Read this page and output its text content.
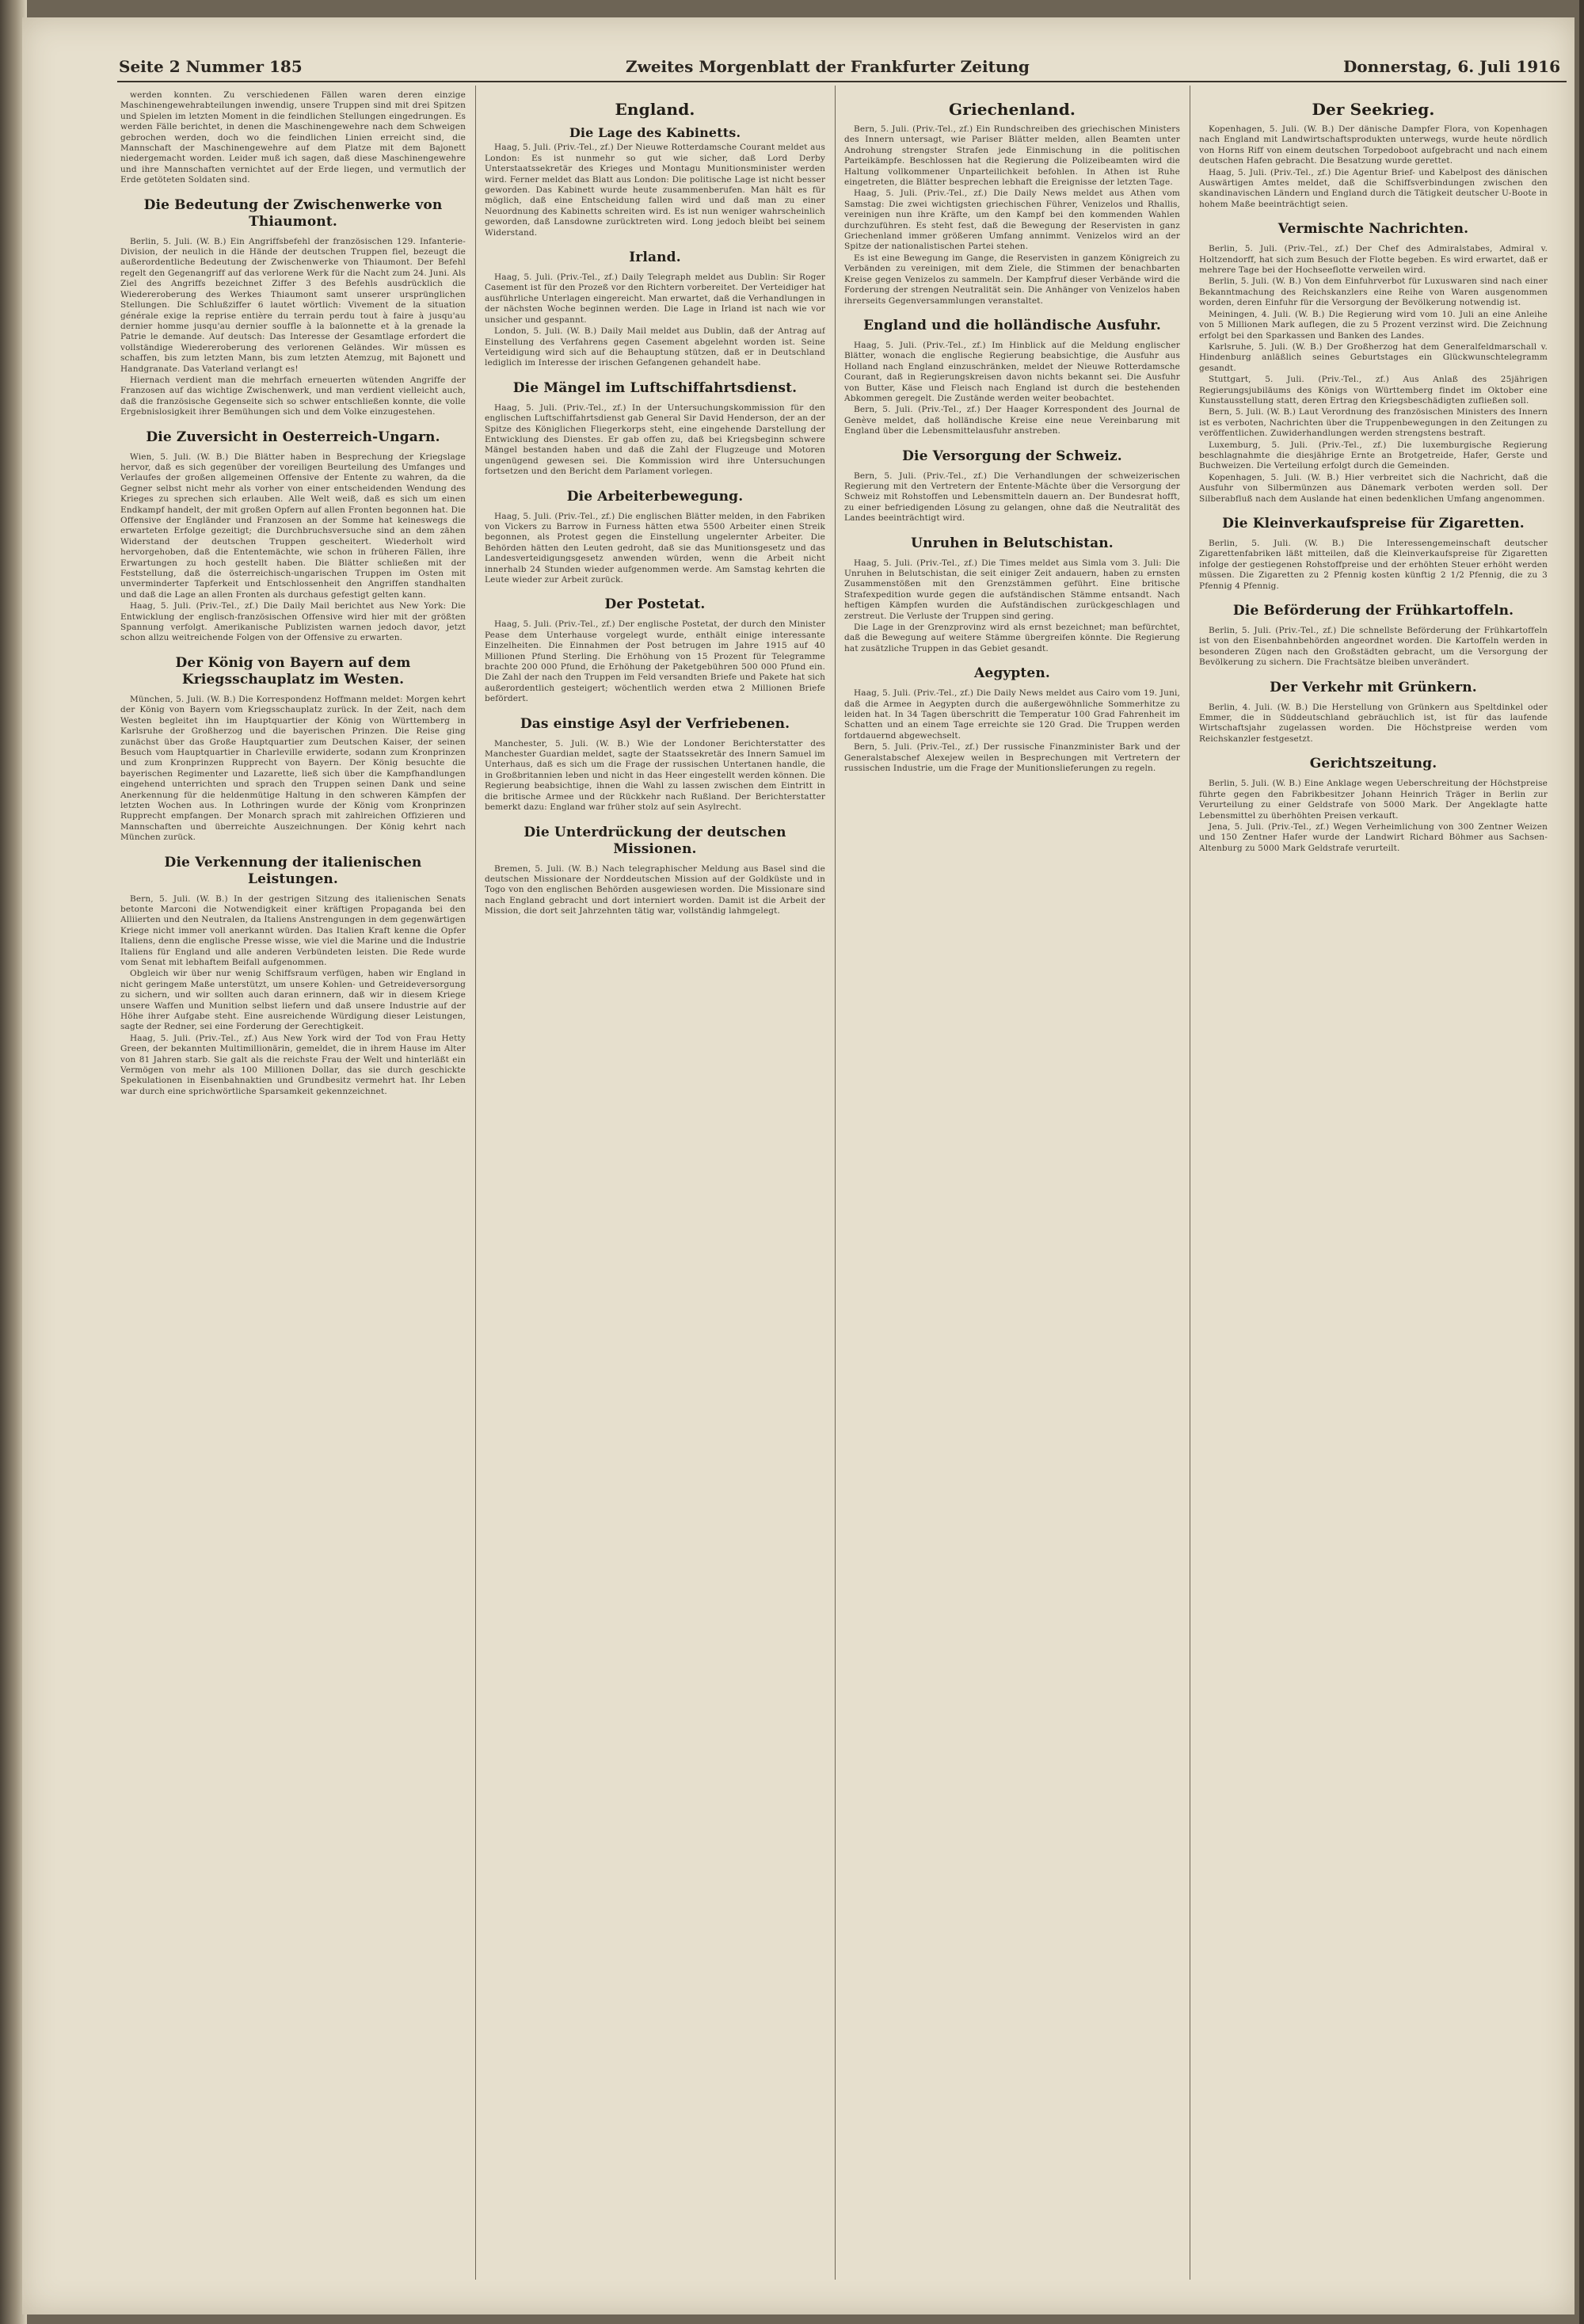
Seite 2 Nummer 185	Zweites Morgenblatt der Frankfurter Zeitung	Donnerstag, 6. Juli 1916

werden konnten. Zu verschiedenen Fällen waren deren einzige Maschinengewehrabteilungen inwendig, unsere Truppen sind mit drei Spitzen und Spielen im letzten Moment in die feindlichen Stellungen eingedrungen. Es werden Fälle berichtet, in denen die Maschinengewehre nach dem Schweigen gebrochen werden, doch wo die feindlichen Linien erreicht sind, die Mannschaft der Maschinengewehre auf dem Platze mit dem Bajonett niedergemacht worden. Leider muß ich sagen, daß diese Maschinengewehre und ihre Mannschaften vernichtet auf der Erde liegen, und vermutlich der Erde getöteten Soldaten sind.

Die Bedeutung der Zwischenwerke von Thiaumont.

Berlin, 5. Juli. (W. B.) Ein Angriffsbefehl der französischen 129. Infanterie-Division, der neulich in die Hände der deutschen Truppen fiel, bezeugt die außerordentliche Bedeutung der Zwischenwerke von Thiaumont. Der Befehl regelt den Gegenangriff auf das verlorene Werk für die Nacht zum 24. Juni. Als Ziel des Angriffs bezeichnet Ziffer 3 des Befehls ausdrücklich die Wiedereroberung des Werkes Thiaumont samt unserer ursprünglichen Stellungen. Die Schlußziffer 6 lautet wörtlich: Vivement de la situation générale exige la reprise entière du terrain perdu tout à faire à jusqu'au dernier homme jusqu'au dernier souffle à la baïonnette et à la grenade la Patrie le demande. Auf deutsch: Das Interesse der Gesamtlage erfordert die vollständige Wiedereroberung des verlorenen Geländes. Wir müssen es schaffen, bis zum letzten Mann, bis zum letzten Atemzug, mit Bajonett und Handgranate. Das Vaterland verlangt es!

Hiernach verdient man die mehrfach erneuerten wütenden Angriffe der Franzosen auf das wichtige Zwischenwerk, und man verdient vielleicht auch, daß die französische Gegenseite sich so schwer entschließen konnte, die volle Ergebnislosigkeit ihrer Bemühungen sich und dem Volke einzugestehen.

Die Zuversicht in Oesterreich-Ungarn.

Wien, 5. Juli. (W. B.) Die Blätter haben in Besprechung der Kriegslage hervor, daß es sich gegenüber der voreiligen Beurteilung des Umfanges und Verlaufes der großen allgemeinen Offensive der Entente zu wahren, da die Gegner selbst nicht mehr als vorher von einer entscheidenden Wendung des Krieges zu sprechen sich erlauben. Alle Welt weiß, daß es sich um einen Endkampf handelt, der mit großen Opfern auf allen Fronten begonnen hat. Die Offensive der Engländer und Franzosen an der Somme hat keineswegs die erwarteten Erfolge gezeitigt; die Durchbruchsversuche sind an dem zähen Widerstand der deutschen Truppen gescheitert. Wiederholt wird hervorgehoben, daß die Ententemächte, wie schon in früheren Fällen, ihre Erwartungen zu hoch gestellt haben. Die Blätter schließen mit der Feststellung, daß die österreichisch-ungarischen Truppen im Osten mit unverminderter Tapferkeit und Entschlossenheit den Angriffen standhalten und daß die Lage an allen Fronten als durchaus gefestigt gelten kann.

Haag, 5. Juli. (Priv.-Tel., zf.) Die Daily Mail berichtet aus New York: Die Entwicklung der englisch-französischen Offensive wird hier mit der größten Spannung verfolgt. Amerikanische Publizisten warnen jedoch davor, jetzt schon allzu weitreichende Folgen von der Offensive zu erwarten.

Der König von Bayern auf dem Kriegsschauplatz im Westen.

München, 5. Juli. (W. B.) Die Korrespondenz Hoffmann meldet: Morgen kehrt der König von Bayern vom Kriegsschauplatz zurück. In der Zeit, nach dem Westen begleitet ihn im Hauptquartier der König von Württemberg in Karlsruhe der Großherzog und die bayerischen Prinzen. Die Reise ging zunächst über das Große Hauptquartier zum Deutschen Kaiser, der seinen Besuch vom Hauptquartier in Charleville erwiderte, sodann zum Kronprinzen und zum Kronprinzen Rupprecht von Bayern. Der König besuchte die bayerischen Regimenter und Lazarette, ließ sich über die Kampfhandlungen eingehend unterrichten und sprach den Truppen seinen Dank und seine Anerkennung für die heldenmütige Haltung in den schweren Kämpfen der letzten Wochen aus. In Lothringen wurde der König vom Kronprinzen Rupprecht empfangen. Der Monarch sprach mit zahlreichen Offizieren und Mannschaften und überreichte Auszeichnungen. Der König kehrt nach München zurück.

Die Verkennung der italienischen Leistungen.

Bern, 5. Juli. (W. B.) In der gestrigen Sitzung des italienischen Senats betonte Marconi die Notwendigkeit einer kräftigen Propaganda bei den Alliierten und den Neutralen, da Italiens Anstrengungen in dem gegenwärtigen Kriege nicht immer voll anerkannt würden. Das Italien Kraft kenne die Opfer Italiens, denn die englische Presse wisse, wie viel die Marine und die Industrie Italiens für England und alle anderen Verbündeten leisten. Die Rede wurde vom Senat mit lebhaftem Beifall aufgenommen.

Obgleich wir über nur wenig Schiffsraum verfügen, haben wir England in nicht geringem Maße unterstützt, um unsere Kohlen- und Getreideversorgung zu sichern, und wir sollten auch daran erinnern, daß wir in diesem Kriege unsere Waffen und Munition selbst liefern und daß unsere Industrie auf der Höhe ihrer Aufgabe steht. Eine ausreichende Würdigung dieser Leistungen, sagte der Redner, sei eine Forderung der Gerechtigkeit.

Haag, 5. Juli. (Priv.-Tel., zf.) Aus New York wird der Tod von Frau Hetty Green, der bekannten Multimillionärin, gemeldet, die in ihrem Hause im Alter von 81 Jahren starb. Sie galt als die reichste Frau der Welt und hinterläßt ein Vermögen von mehr als 100 Millionen Dollar, das sie durch geschickte Spekulationen in Eisenbahnaktien und Grundbesitz vermehrt hat. Ihr Leben war durch eine sprichwörtliche Sparsamkeit gekennzeichnet.

England.
Die Lage des Kabinetts.

Haag, 5. Juli. (Priv.-Tel., zf.) Der Nieuwe Rotterdamsche Courant meldet aus London: Es ist nunmehr so gut wie sicher, daß Lord Derby Unterstaatssekretär des Krieges und Montagu Munitionsminister werden wird. Ferner meldet das Blatt aus London: Die politische Lage ist nicht besser geworden. Das Kabinett wurde heute zusammenberufen. Man hält es für möglich, daß eine Entscheidung fallen wird und daß man zu einer Neuordnung des Kabinetts schreiten wird. Es ist nun weniger wahrscheinlich geworden, daß Lansdowne zurücktreten wird. Long jedoch bleibt bei seinem Widerstand.

Irland.

Haag, 5. Juli. (Priv.-Tel., zf.) Daily Telegraph meldet aus Dublin: Sir Roger Casement ist für den Prozeß vor den Richtern vorbereitet. Der Verteidiger hat ausführliche Unterlagen eingereicht. Man erwartet, daß die Verhandlungen in der nächsten Woche beginnen werden. Die Lage in Irland ist nach wie vor unsicher und gespannt.

London, 5. Juli. (W. B.) Daily Mail meldet aus Dublin, daß der Antrag auf Einstellung des Verfahrens gegen Casement abgelehnt worden ist. Seine Verteidigung wird sich auf die Behauptung stützen, daß er in Deutschland lediglich im Interesse der irischen Gefangenen gehandelt habe.

Die Mängel im Luftschiffahrtsdienst.

Haag, 5. Juli. (Priv.-Tel., zf.) In der Untersuchungskommission für den englischen Luftschiffahrtsdienst gab General Sir David Henderson, der an der Spitze des Königlichen Fliegerkorps steht, eine eingehende Darstellung der Entwicklung des Dienstes. Er gab offen zu, daß bei Kriegsbeginn schwere Mängel bestanden haben und daß die Zahl der Flugzeuge und Motoren ungenügend gewesen sei. Die Kommission wird ihre Untersuchungen fortsetzen und den Bericht dem Parlament vorlegen.

Die Arbeiterbewegung.

Haag, 5. Juli. (Priv.-Tel., zf.) Die englischen Blätter melden, in den Fabriken von Vickers zu Barrow in Furness hätten etwa 5500 Arbeiter einen Streik begonnen, als Protest gegen die Einstellung ungelernter Arbeiter. Die Behörden hätten den Leuten gedroht, daß sie das Munitionsgesetz und das Landesverteidigungsgesetz anwenden würden, wenn die Arbeit nicht innerhalb 24 Stunden wieder aufgenommen werde. Am Samstag kehrten die Leute wieder zur Arbeit zurück.

Der Postetat.

Haag, 5. Juli. (Priv.-Tel., zf.) Der englische Postetat, der durch den Minister Pease dem Unterhause vorgelegt wurde, enthält einige interessante Einzelheiten. Die Einnahmen der Post betrugen im Jahre 1915 auf 40 Millionen Pfund Sterling. Die Erhöhung von 15 Prozent für Telegramme brachte 200 000 Pfund, die Erhöhung der Paketgebühren 500 000 Pfund ein. Die Zahl der nach den Truppen im Feld versandten Briefe und Pakete hat sich außerordentlich gesteigert; wöchentlich werden etwa 2 Millionen Briefe befördert.

Das einstige Asyl der Verfriebenen.

Manchester, 5. Juli. (W. B.) Wie der Londoner Berichterstatter des Manchester Guardian meldet, sagte der Staatssekretär des Innern Samuel im Unterhaus, daß es sich um die Frage der russischen Untertanen handle, die in Großbritannien leben und nicht in das Heer eingestellt werden können. Die Regierung beabsichtige, ihnen die Wahl zu lassen zwischen dem Eintritt in die britische Armee und der Rückkehr nach Rußland. Der Berichterstatter bemerkt dazu: England war früher stolz auf sein Asylrecht.

Die Unterdrückung der deutschen Missionen.

Bremen, 5. Juli. (W. B.) Nach telegraphischer Meldung aus Basel sind die deutschen Missionare der Norddeutschen Mission auf der Goldküste und in Togo von den englischen Behörden ausgewiesen worden. Die Missionare sind nach England gebracht und dort interniert worden. Damit ist die Arbeit der Mission, die dort seit Jahrzehnten tätig war, vollständig lahmgelegt.

Griechenland.

Bern, 5. Juli. (Priv.-Tel., zf.) Ein Rundschreiben des griechischen Ministers des Innern untersagt, wie Pariser Blätter melden, allen Beamten unter Androhung strengster Strafen jede Einmischung in die politischen Parteikämpfe. Beschlossen hat die Regierung die Polizeibeamten wird die Haltung vollkommener Unparteilichkeit befohlen. In Athen ist Ruhe eingetreten, die Blätter besprechen lebhaft die Ereignisse der letzten Tage.

Haag, 5. Juli. (Priv.-Tel., zf.) Die Daily News meldet aus Athen vom Samstag: Die zwei wichtigsten griechischen Führer, Venizelos und Rhallis, vereinigen nun ihre Kräfte, um den Kampf bei den kommenden Wahlen durchzuführen. Es steht fest, daß die Bewegung der Reservisten in ganz Griechenland immer größeren Umfang annimmt. Venizelos wird an der Spitze der nationalistischen Partei stehen.

Es ist eine Bewegung im Gange, die Reservisten in ganzem Königreich zu Verbänden zu vereinigen, mit dem Ziele, die Stimmen der benachbarten Kreise gegen Venizelos zu sammeln. Der Kampfruf dieser Verbände wird die Forderung der strengen Neutralität sein. Die Anhänger von Venizelos haben ihrerseits Gegenversammlungen veranstaltet.

England und die holländische Ausfuhr.

Haag, 5. Juli. (Priv.-Tel., zf.) Im Hinblick auf die Meldung englischer Blätter, wonach die englische Regierung beabsichtige, die Ausfuhr aus Holland nach England einzuschränken, meldet der Nieuwe Rotterdamsche Courant, daß in Regierungskreisen davon nichts bekannt sei. Die Ausfuhr von Butter, Käse und Fleisch nach England ist durch die bestehenden Abkommen geregelt. Die Zustände werden weiter beobachtet.

Bern, 5. Juli. (Priv.-Tel., zf.) Der Haager Korrespondent des Journal de Genève meldet, daß holländische Kreise eine neue Vereinbarung mit England über die Lebensmittelausfuhr anstreben.

Die Versorgung der Schweiz.

Bern, 5. Juli. (Priv.-Tel., zf.) Die Verhandlungen der schweizerischen Regierung mit den Vertretern der Entente-Mächte über die Versorgung der Schweiz mit Rohstoffen und Lebensmitteln dauern an. Der Bundesrat hofft, zu einer befriedigenden Lösung zu gelangen, ohne daß die Neutralität des Landes beeinträchtigt wird.

Unruhen in Belutschistan.

Haag, 5. Juli. (Priv.-Tel., zf.) Die Times meldet aus Simla vom 3. Juli: Die Unruhen in Belutschistan, die seit einiger Zeit andauern, haben zu ernsten Zusammenstößen mit den Grenzstämmen geführt. Eine britische Strafexpedition wurde gegen die aufständischen Stämme entsandt. Nach heftigen Kämpfen wurden die Aufständischen zurückgeschlagen und zerstreut. Die Verluste der Truppen sind gering.

Die Lage in der Grenzprovinz wird als ernst bezeichnet; man befürchtet, daß die Bewegung auf weitere Stämme übergreifen könnte. Die Regierung hat zusätzliche Truppen in das Gebiet gesandt.

Aegypten.

Haag, 5. Juli. (Priv.-Tel., zf.) Die Daily News meldet aus Cairo vom 19. Juni, daß die Armee in Aegypten durch die außergewöhnliche Sommerhitze zu leiden hat. In 34 Tagen überschritt die Temperatur 100 Grad Fahrenheit im Schatten und an einem Tage erreichte sie 120 Grad. Die Truppen werden fortdauernd abgewechselt.

Bern, 5. Juli. (Priv.-Tel., zf.) Der russische Finanzminister Bark und der Generalstabschef Alexejew weilen in Besprechungen mit Vertretern der russischen Industrie, um die Frage der Munitionslieferungen zu regeln.

Der Seekrieg.

Kopenhagen, 5. Juli. (W. B.) Der dänische Dampfer Flora, von Kopenhagen nach England mit Landwirtschaftsprodukten unterwegs, wurde heute nördlich von Horns Riff von einem deutschen Torpedoboot aufgebracht und nach einem deutschen Hafen gebracht. Die Besatzung wurde gerettet.

Haag, 5. Juli. (Priv.-Tel., zf.) Die Agentur Brief- und Kabelpost des dänischen Auswärtigen Amtes meldet, daß die Schiffsverbindungen zwischen den skandinavischen Ländern und England durch die Tätigkeit deutscher U-Boote in hohem Maße beeinträchtigt seien.

Vermischte Nachrichten.

Berlin, 5. Juli. (Priv.-Tel., zf.) Der Chef des Admiralstabes, Admiral v. Holtzendorff, hat sich zum Besuch der Flotte begeben. Es wird erwartet, daß er mehrere Tage bei der Hochseeflotte verweilen wird.

Berlin, 5. Juli. (W. B.) Von dem Einfuhrverbot für Luxuswaren sind nach einer Bekanntmachung des Reichskanzlers eine Reihe von Waren ausgenommen worden, deren Einfuhr für die Versorgung der Bevölkerung notwendig ist.

Meiningen, 4. Juli. (W. B.) Die Regierung wird vom 10. Juli an eine Anleihe von 5 Millionen Mark auflegen, die zu 5 Prozent verzinst wird. Die Zeichnung erfolgt bei den Sparkassen und Banken des Landes.

Karlsruhe, 5. Juli. (W. B.) Der Großherzog hat dem Generalfeldmarschall v. Hindenburg anläßlich seines Geburtstages ein Glückwunschtelegramm gesandt.

Stuttgart, 5. Juli. (Priv.-Tel., zf.) Aus Anlaß des 25jährigen Regierungsjubiläums des Königs von Württemberg findet im Oktober eine Kunstausstellung statt, deren Ertrag den Kriegsbeschädigten zufließen soll.

Bern, 5. Juli. (W. B.) Laut Verordnung des französischen Ministers des Innern ist es verboten, Nachrichten über die Truppenbewegungen in den Zeitungen zu veröffentlichen. Zuwiderhandlungen werden strengstens bestraft.

Luxemburg, 5. Juli. (Priv.-Tel., zf.) Die luxemburgische Regierung beschlagnahmte die diesjährige Ernte an Brotgetreide, Hafer, Gerste und Buchweizen. Die Verteilung erfolgt durch die Gemeinden.

Kopenhagen, 5. Juli. (W. B.) Hier verbreitet sich die Nachricht, daß die Ausfuhr von Silbermünzen aus Dänemark verboten werden soll. Der Silberabfluß nach dem Auslande hat einen bedenklichen Umfang angenommen.

Die Kleinverkaufspreise für Zigaretten.

Berlin, 5. Juli. (W. B.) Die Interessengemeinschaft deutscher Zigarettenfabriken läßt mitteilen, daß die Kleinverkaufspreise für Zigaretten infolge der gestiegenen Rohstoffpreise und der erhöhten Steuer erhöht werden müssen. Die Zigaretten zu 2 Pfennig kosten künftig 2 1/2 Pfennig, die zu 3 Pfennig 4 Pfennig.

Die Beförderung der Frühkartoffeln.

Berlin, 5. Juli. (Priv.-Tel., zf.) Die schnellste Beförderung der Frühkartoffeln ist von den Eisenbahnbehörden angeordnet worden. Die Kartoffeln werden in besonderen Zügen nach den Großstädten gebracht, um die Versorgung der Bevölkerung zu sichern. Die Frachtsätze bleiben unverändert.

Der Verkehr mit Grünkern.

Berlin, 4. Juli. (W. B.) Die Herstellung von Grünkern aus Speltdinkel oder Emmer, die in Süddeutschland gebräuchlich ist, ist für das laufende Wirtschaftsjahr zugelassen worden. Die Höchstpreise werden vom Reichskanzler festgesetzt.

Gerichtszeitung.

Berlin, 5. Juli. (W. B.) Eine Anklage wegen Ueberschreitung der Höchstpreise führte gegen den Fabrikbesitzer Johann Heinrich Träger in Berlin zur Verurteilung zu einer Geldstrafe von 5000 Mark. Der Angeklagte hatte Lebensmittel zu überhöhten Preisen verkauft.

Jena, 5. Juli. (Priv.-Tel., zf.) Wegen Verheimlichung von 300 Zentner Weizen und 150 Zentner Hafer wurde der Landwirt Richard Böhmer aus Sachsen-Altenburg zu 5000 Mark Geldstrafe verurteilt.
